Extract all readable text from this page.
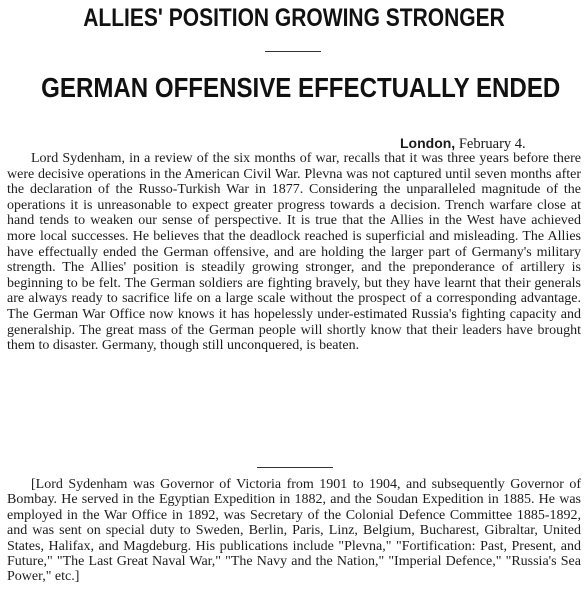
ALLIES' POSITION GROWING STRONGER
GERMAN OFFENSIVE EFFECTUALLY ENDED
London, February 4.
Lord Sydenham, in a review of the six months of war, recalls that it was three years before there were decisive operations in the American Civil War. Plevna was not captured until seven months after the declaration of the Russo-Turkish War in 1877. Considering the unparalleled magnitude of the operations it is unreasonable to expect greater progress towards a decision. Trench warfare close at hand tends to weaken our sense of perspective. It is true that the Allies in the West have achieved more local successes. He believes that the deadlock reached is superficial and misleading. The Allies have effectually ended the German offensive, and are holding the larger part of Germany's military strength. The Allies' position is steadily growing stronger, and the preponderance of artillery is beginning to be felt. The German soldiers are fighting bravely, but they have learnt that their generals are always ready to sacrifice life on a large scale without the prospect of a corresponding advantage. The German War Office now knows it has hopelessly under-estimated Russia's fighting capacity and generalship. The great mass of the German people will shortly know that their leaders have brought them to disaster. Germany, though still unconquered, is beaten.
[Lord Sydenham was Governor of Victoria from 1901 to 1904, and subsequently Governor of Bombay. He served in the Egyptian Expedition in 1882, and the Soudan Expedition in 1885. He was employed in the War Office in 1892, was Secretary of the Colonial Defence Committee 1885-1892, and was sent on special duty to Sweden, Berlin, Paris, Linz, Belgium, Bucharest, Gibraltar, United States, Halifax, and Magdeburg. His publications include "Plevna," "Fortification: Past, Present, and Future," "The Last Great Naval War," "The Navy and the Nation," "Imperial Defence," "Russia's Sea Power," etc.]
